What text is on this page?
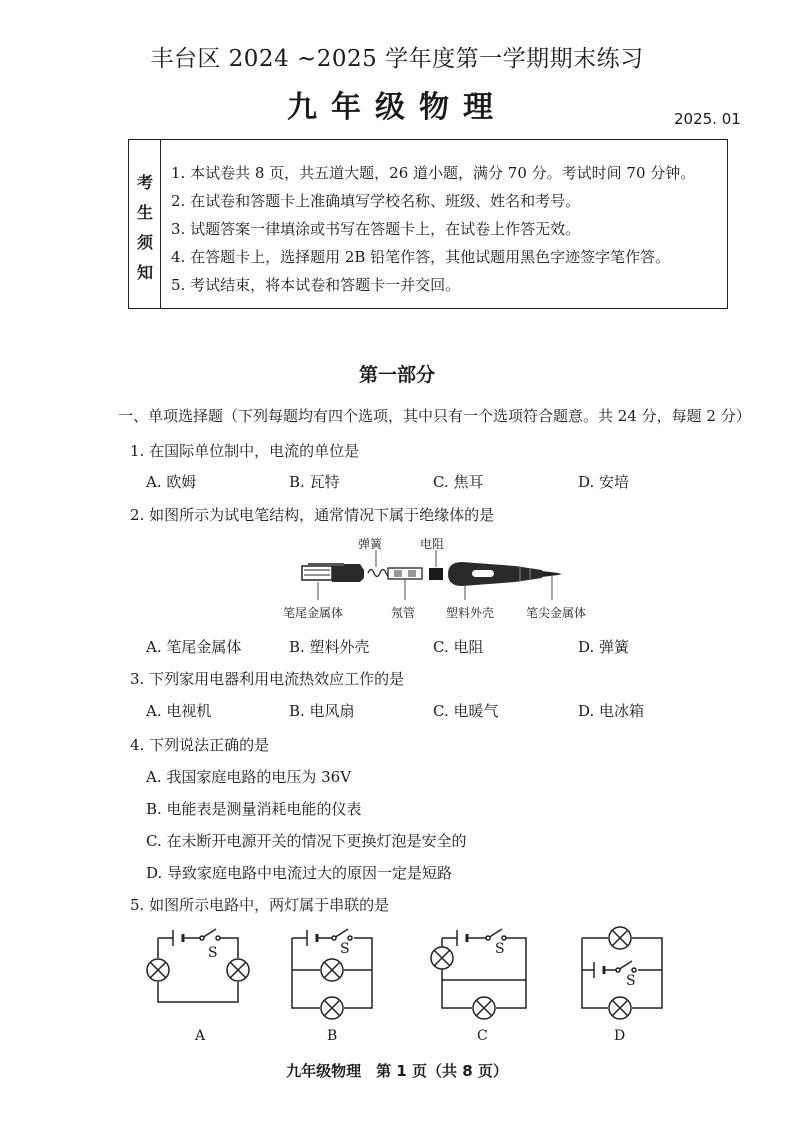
丰台区 2024 ~2025 学年度第一学期期末练习
九年级物理	2025. 01
考
生
须
知
1. 本试卷共 8 页，共五道大题，26 道小题，满分 70 分。考试时间 70 分钟。
2. 在试卷和答题卡上准确填写学校名称、班级、姓名和考号。
3. 试题答案一律填涂或书写在答题卡上，在试卷上作答无效。
4. 在答题卡上，选择题用 2B 铅笔作答，其他试题用黑色字迹签字笔作答。
5. 考试结束，将本试卷和答题卡一并交回。
第一部分
一、单项选择题（下列每题均有四个选项，其中只有一个选项符合题意。共 24 分，每题 2 分）
1. 在国际单位制中，电流的单位是
A. 欧姆	B. 瓦特	C. 焦耳	D. 安培
2. 如图所示为试电笔结构，通常情况下属于绝缘体的是
弹簧	电阻
笔尾金属体	氖管	塑料外壳	笔尖金属体
A. 笔尾金属体	B. 塑料外壳	C. 电阻	D. 弹簧
3. 下列家用电器利用电流热效应工作的是
A. 电视机	B. 电风扇	C. 电暖气	D. 电冰箱
4. 下列说法正确的是
A. 我国家庭电路的电压为 36V
B. 电能表是测量消耗电能的仪表
C. 在未断开电源开关的情况下更换灯泡是安全的
D. 导致家庭电路中电流过大的原因一定是短路
5. 如图所示电路中，两灯属于串联的是
S	S	S
S
A	B	C	D
九年级物理　第 1 页（共 8 页）
